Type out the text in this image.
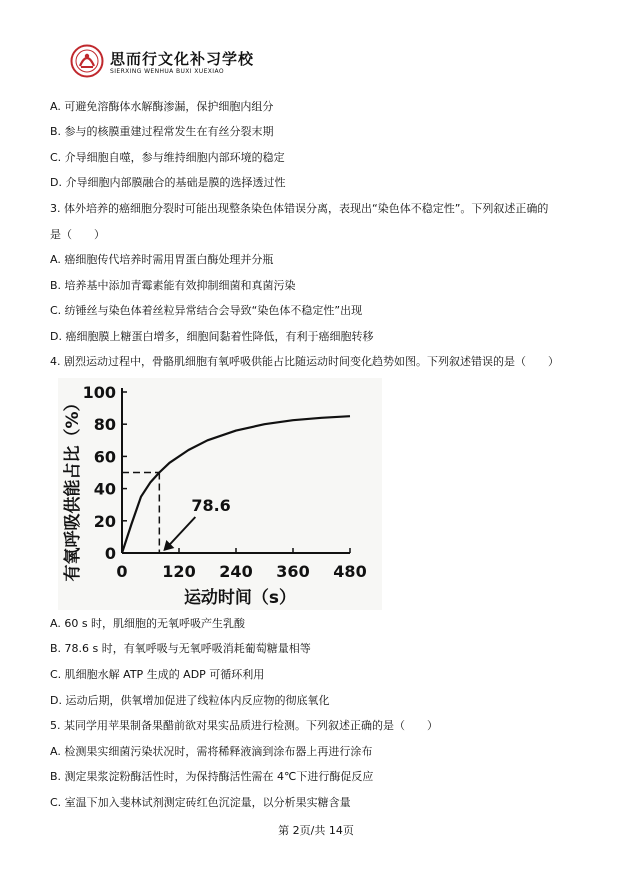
思而行文化补习学校
SIERXING WENHUA BUXI XUEXIAO
A. 可避免溶酶体水解酶渗漏，保护细胞内组分
B. 参与的核膜重建过程常发生在有丝分裂末期
C. 介导细胞自噬，参与维持细胞内部环境的稳定
D. 介导细胞内部膜融合的基础是膜的选择透过性
3. 体外培养的癌细胞分裂时可能出现整条染色体错误分离，表现出“染色体不稳定性”。下列叙述正确的
是（　　）
A. 癌细胞传代培养时需用胃蛋白酶处理并分瓶
B. 培养基中添加青霉素能有效抑制细菌和真菌污染
C. 纺锤丝与染色体着丝粒异常结合会导致“染色体不稳定性”出现
D. 癌细胞膜上糖蛋白增多，细胞间黏着性降低，有利于癌细胞转移
4. 剧烈运动过程中，骨骼肌细胞有氧呼吸供能占比随运动时间变化趋势如图。下列叙述错误的是（　　）
有氧呼吸供能占比（%）
运动时间（s）
0
20
40
60
80
100
0 120 240 360 480
78.6
A. 60 s 时，肌细胞的无氧呼吸产生乳酸
B. 78.6 s 时，有氧呼吸与无氧呼吸消耗葡萄糖量相等
C. 肌细胞水解 ATP 生成的 ADP 可循环利用
D. 运动后期，供氧增加促进了线粒体内反应物的彻底氧化
5. 某同学用苹果制备果醋前欲对果实品质进行检测。下列叙述正确的是（　　）
A. 检测果实细菌污染状况时，需将稀释液滴到涂布器上再进行涂布
B. 测定果浆淀粉酶活性时，为保持酶活性需在 4℃下进行酶促反应
C. 室温下加入斐林试剂测定砖红色沉淀量，以分析果实糖含量
第 2页/共 14页
